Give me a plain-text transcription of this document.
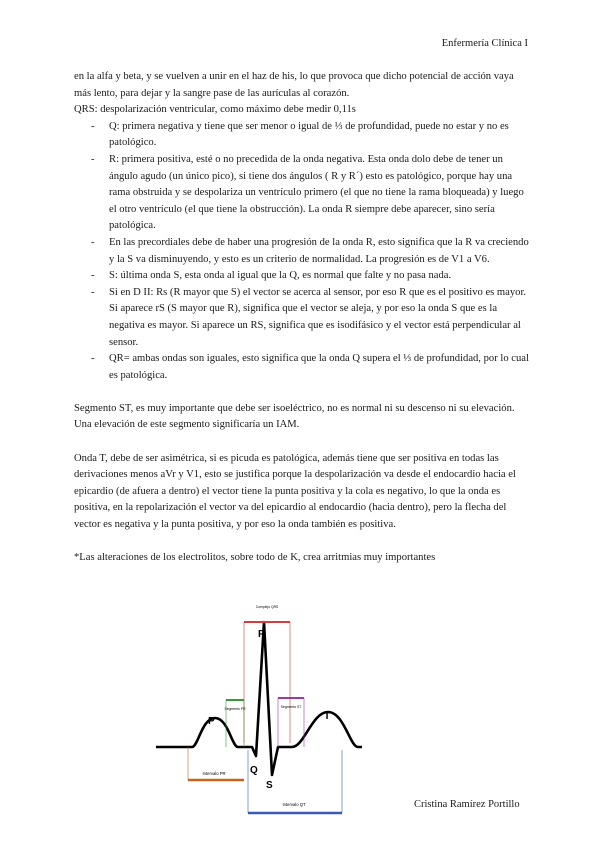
Enfermería Clínica I

en la alfa y beta, y se vuelven a unir en el haz de his, lo que provoca que dicho potencial de acción vaya más lento, para dejar y la sangre pase de las aurículas al corazón.

QRS: despolarización ventricular, como máximo debe medir 0,11s

- Q: primera negativa y tiene que ser menor o igual de ⅓ de profundidad, puede no estar y no es patológico.
- R: primera positiva, esté o no precedida de la onda negativa. Esta onda dolo debe de tener un ángulo agudo (un único pico), si tiene dos ángulos ( R y R´) esto es patológico, porque hay una rama obstruida y se despolariza un ventrículo primero (el que no tiene la rama bloqueada) y luego el otro ventrículo (el que tiene la obstrucción). La onda R siempre debe aparecer, sino sería patológica.
- En las precordiales debe de haber una progresión de la onda R, esto significa que la R va creciendo y la S va disminuyendo, y esto es un criterio de normalidad. La progresión es de V1 a V6.
- S: última onda S, esta onda al igual que la Q, es normal que falte y no pasa nada.
- Si en D II: Rs (R mayor que S) el vector se acerca al sensor, por eso R que es el positivo es mayor. Si aparece rS (S mayor que R), significa que el vector se aleja, y por eso la onda S que es la negativa es mayor. Si aparece un RS, significa que es isodifásico y el vector está perpendicular al sensor.
- QR= ambas ondas son iguales, esto significa que la onda Q supera el ⅓ de profundidad, por lo cual es patológica.

Segmento ST, es muy importante que debe ser isoeléctrico, no es normal ni su descenso ni su elevación. Una elevación de este segmento significaría un IAM.

Onda T, debe de ser asimétrica, si es picuda es patológica, además tiene que ser positiva en todas las derivaciones menos aVr y V1, esto se justifica porque la despolarización va desde el endocardio hacia el epicardio (de afuera a dentro) el vector tiene la punta positiva y la cola es negativo, lo que la onda es positiva, en la repolarización el vector va del epicardio al endocardio (hacia dentro), pero la flecha del vector es negativa y la punta positiva, y por eso la onda también es positiva.

*Las alteraciones de los electrolitos, sobre todo de K, crea arritmias muy importantes

Complejo QRS
Segmento PR	Segmento ST
Intervalo PR
Intervalo QT
P
R
Q
S
T
Cristina Ramírez Portillo
